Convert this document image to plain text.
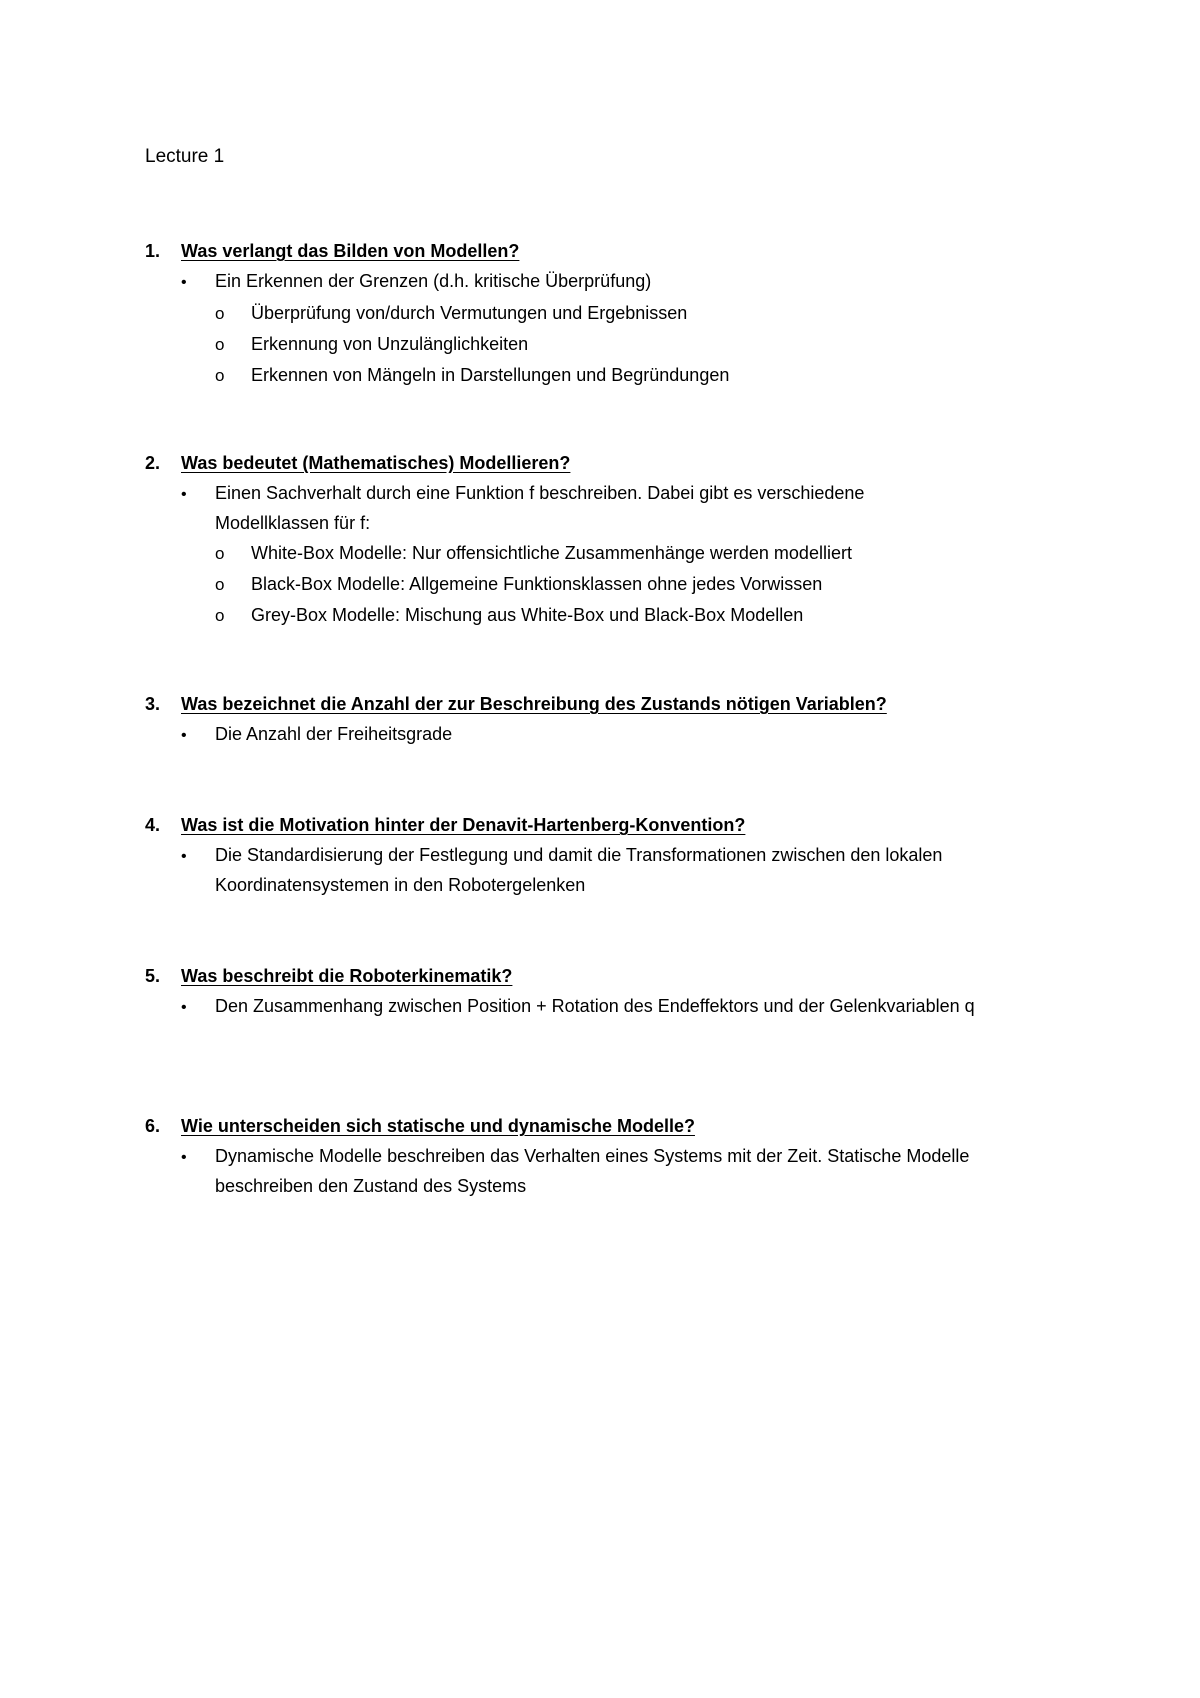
Lecture 1
1.	Was verlangt das Bilden von Modellen?
•	Ein Erkennen der Grenzen (d.h. kritische Überprüfung)
o	Überprüfung von/durch Vermutungen und Ergebnissen
o	Erkennung von Unzulänglichkeiten
o	Erkennen von Mängeln in Darstellungen und Begründungen
2.	Was bedeutet (Mathematisches) Modellieren?
•	Einen Sachverhalt durch eine Funktion f beschreiben. Dabei gibt es verschiedene Modellklassen für f:
o	White-Box Modelle: Nur offensichtliche Zusammenhänge werden modelliert
o	Black-Box Modelle: Allgemeine Funktionsklassen ohne jedes Vorwissen
o	Grey-Box Modelle: Mischung aus White-Box und Black-Box Modellen
3.	Was bezeichnet die Anzahl der zur Beschreibung des Zustands nötigen Variablen?
•	Die Anzahl der Freiheitsgrade
4.	Was ist die Motivation hinter der Denavit-Hartenberg-Konvention?
•	Die Standardisierung der Festlegung und damit die Transformationen zwischen den lokalen Koordinatensystemen in den Robotergelenken
5.	Was beschreibt die Roboterkinematik?
•	Den Zusammenhang zwischen Position + Rotation des Endeffektors und der Gelenkvariablen q
6.	Wie unterscheiden sich statische und dynamische Modelle?
•	Dynamische Modelle beschreiben das Verhalten eines Systems mit der Zeit. Statische Modelle beschreiben den Zustand des Systems
